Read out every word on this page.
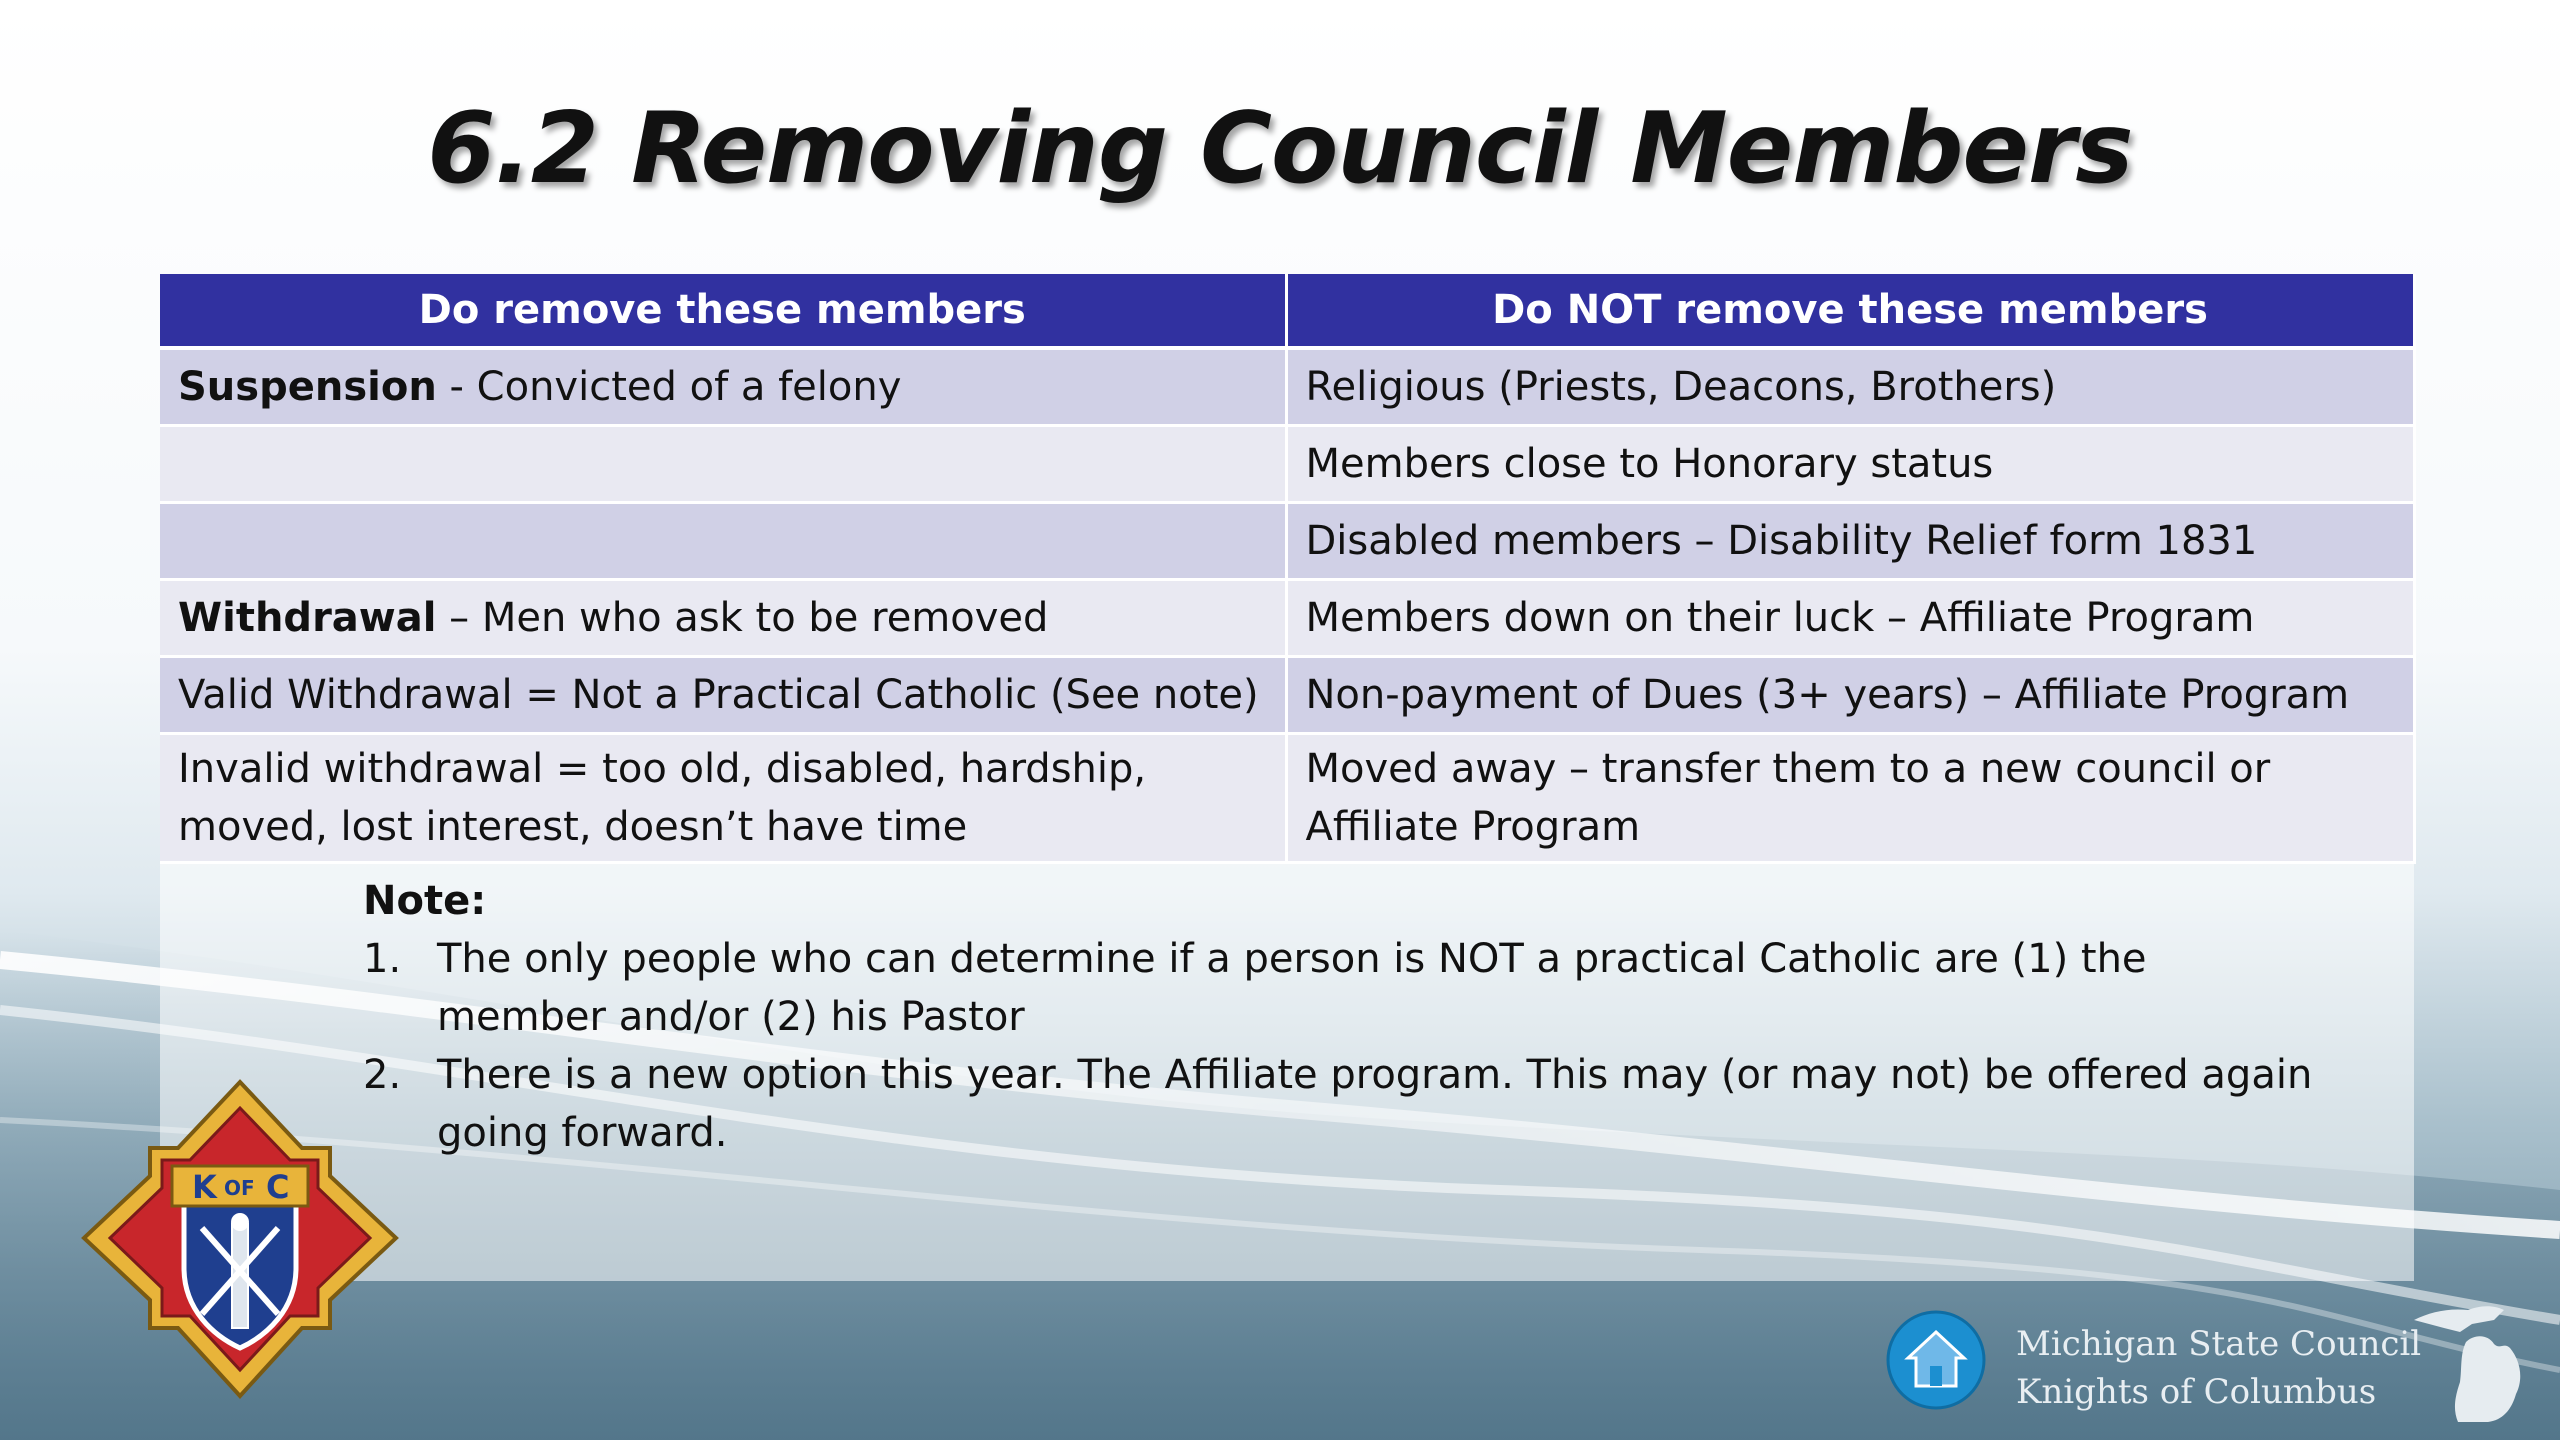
6.2 Removing Council Members
Do remove these members	Do NOT remove these members
Suspension - Convicted of a felony	Religious (Priests, Deacons, Brothers)
	Members close to Honorary status
	Disabled members – Disability Relief form 1831
Withdrawal – Men who ask to be removed	Members down on their luck – Affiliate Program
Valid Withdrawal = Not a Practical Catholic (See note)	Non-payment of Dues (3+ years) – Affiliate Program
Invalid withdrawal = too old, disabled, hardship, moved, lost interest, doesn’t have time	Moved away – transfer them to a new council or Affiliate Program
Note:
1. The only people who can determine if a person is NOT a practical Catholic are (1) the member and/or (2) his Pastor
2. There is a new option this year. The Affiliate program. This may (or may not) be offered again going forward.
K OF C
Michigan State Council
Knights of Columbus
